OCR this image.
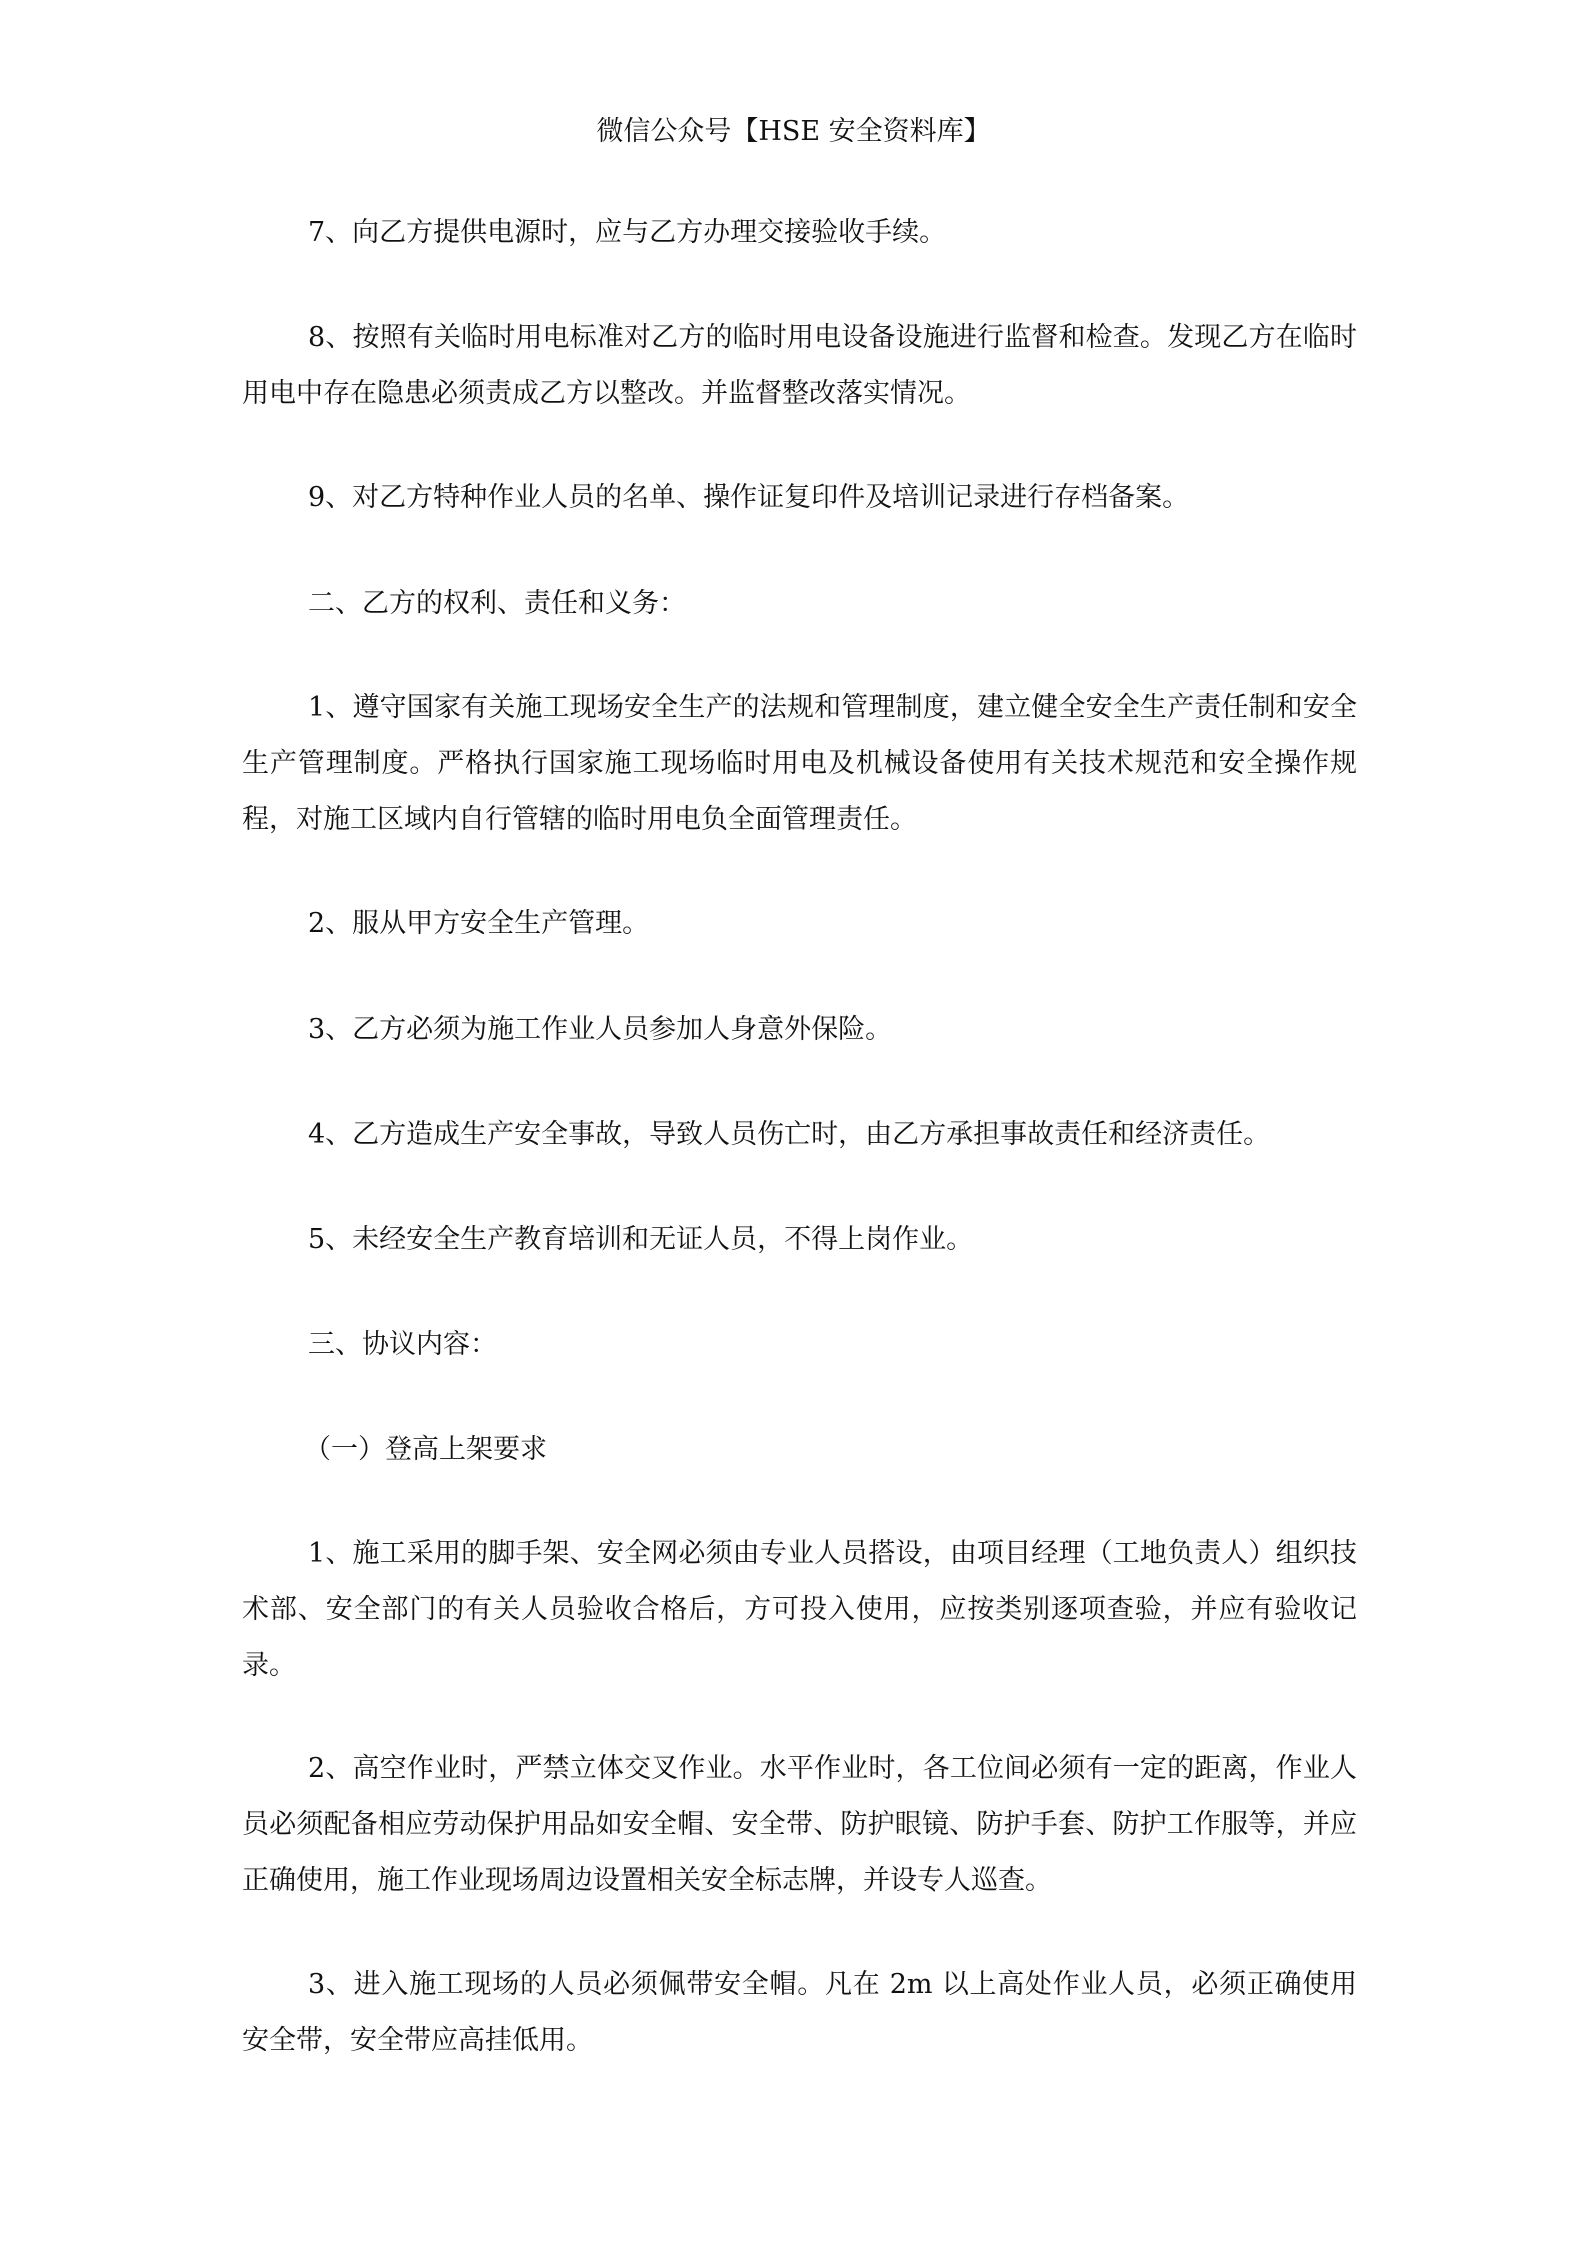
微信公众号【HSE 安全资料库】

7、向乙方提供电源时，应与乙方办理交接验收手续。

8、按照有关临时用电标准对乙方的临时用电设备设施进行监督和检查。发现乙方在临时用电中存在隐患必须责成乙方以整改。并监督整改落实情况。

9、对乙方特种作业人员的名单、操作证复印件及培训记录进行存档备案。

二、乙方的权利、责任和义务：

1、遵守国家有关施工现场安全生产的法规和管理制度，建立健全安全生产责任制和安全生产管理制度。严格执行国家施工现场临时用电及机械设备使用有关技术规范和安全操作规程，对施工区域内自行管辖的临时用电负全面管理责任。

2、服从甲方安全生产管理。

3、乙方必须为施工作业人员参加人身意外保险。

4、乙方造成生产安全事故，导致人员伤亡时，由乙方承担事故责任和经济责任。

5、未经安全生产教育培训和无证人员，不得上岗作业。

三、协议内容：

（一）登高上架要求

1、施工采用的脚手架、安全网必须由专业人员搭设，由项目经理（工地负责人）组织技术部、安全部门的有关人员验收合格后，方可投入使用，应按类别逐项查验，并应有验收记录。

2、高空作业时，严禁立体交叉作业。水平作业时，各工位间必须有一定的距离，作业人员必须配备相应劳动保护用品如安全帽、安全带、防护眼镜、防护手套、防护工作服等，并应正确使用，施工作业现场周边设置相关安全标志牌，并设专人巡查。

3、进入施工现场的人员必须佩带安全帽。凡在 2m 以上高处作业人员，必须正确使用安全带，安全带应高挂低用。
